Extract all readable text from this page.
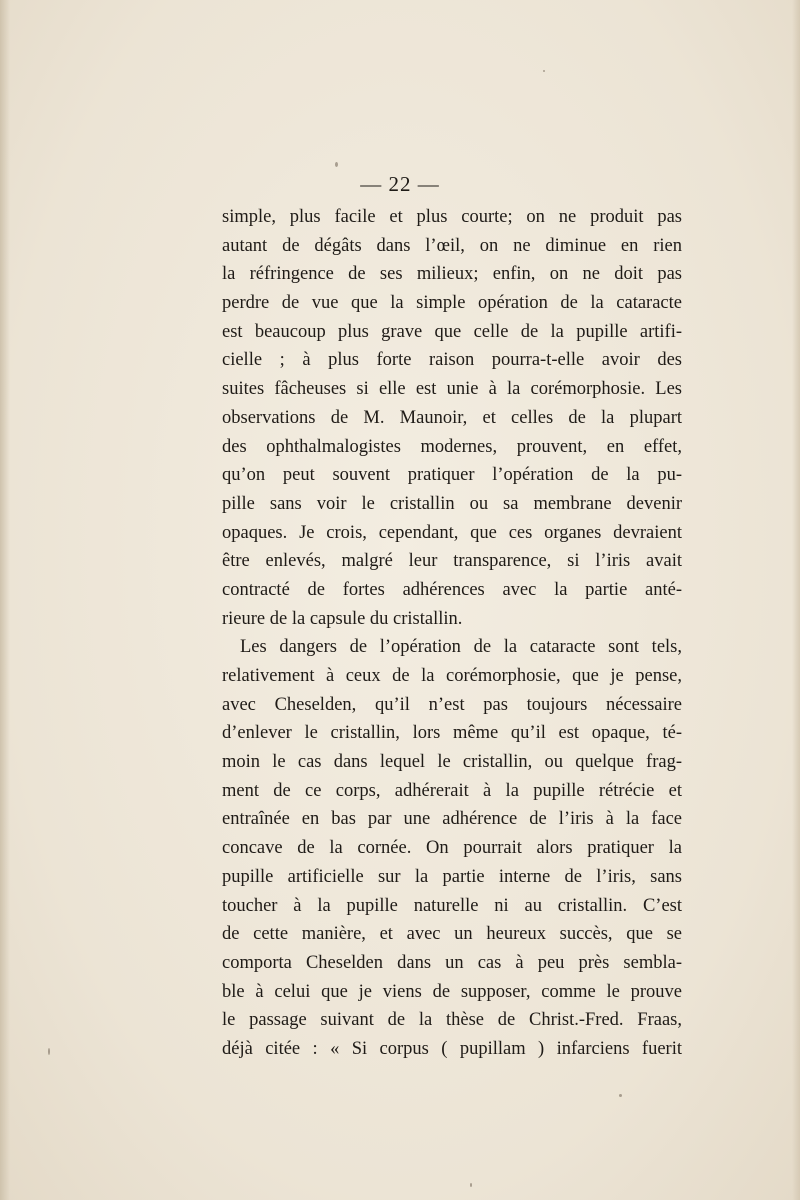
— 22 —
simple, plus facile et plus courte; on ne produit pas
autant de dégâts dans l’œil, on ne diminue en rien
la réfringence de ses milieux; enfin, on ne doit pas
perdre de vue que la simple opération de la cataracte
est beaucoup plus grave que celle de la pupille artifi-
cielle ; à plus forte raison pourra-t-elle avoir des
suites fâcheuses si elle est unie à la corémorphosie. Les
observations de M. Maunoir, et celles de la plupart
des ophthalmalogistes modernes, prouvent, en effet,
qu’on peut souvent pratiquer l’opération de la pu-
pille sans voir le cristallin ou sa membrane devenir
opaques. Je crois, cependant, que ces organes devraient
être enlevés, malgré leur transparence, si l’iris avait
contracté de fortes adhérences avec la partie anté-
rieure de la capsule du cristallin.
Les dangers de l’opération de la cataracte sont tels,
relativement à ceux de la corémorphosie, que je pense,
avec Cheselden, qu’il n’est pas toujours nécessaire
d’enlever le cristallin, lors même qu’il est opaque, té-
moin le cas dans lequel le cristallin, ou quelque frag-
ment de ce corps, adhérerait à la pupille rétrécie et
entraînée en bas par une adhérence de l’iris à la face
concave de la cornée. On pourrait alors pratiquer la
pupille artificielle sur la partie interne de l’iris, sans
toucher à la pupille naturelle ni au cristallin. C’est
de cette manière, et avec un heureux succès, que se
comporta Cheselden dans un cas à peu près sembla-
ble à celui que je viens de supposer, comme le prouve
le passage suivant de la thèse de Christ.-Fred. Fraas,
déjà citée : « Si corpus ( pupillam ) infarciens fuerit
